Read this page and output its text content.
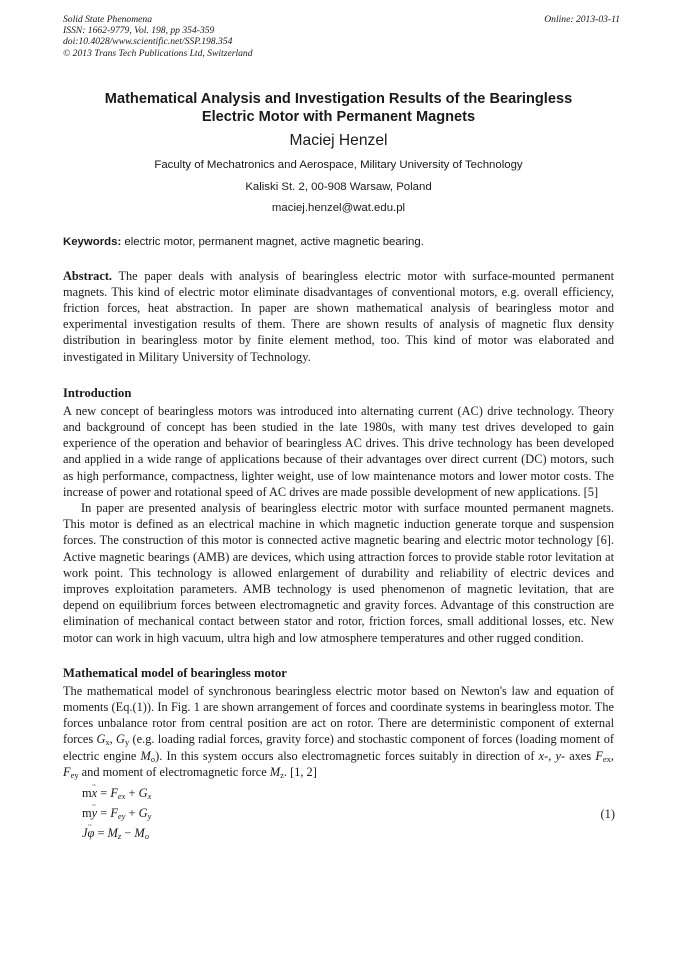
Solid State Phenomena
ISSN: 1662-9779, Vol. 198, pp 354-359
doi:10.4028/www.scientific.net/SSP.198.354
© 2013 Trans Tech Publications Ltd, Switzerland
Online: 2013-03-11
Mathematical Analysis and Investigation Results of the Bearingless
Electric Motor with Permanent Magnets
Maciej Henzel
Faculty of Mechatronics and Aerospace, Military University of Technology
Kaliski St. 2, 00-908 Warsaw, Poland
maciej.henzel@wat.edu.pl
Keywords: electric motor, permanent magnet, active magnetic bearing.

Abstract. The paper deals with analysis of bearingless electric motor with surface-mounted permanent magnets. This kind of electric motor eliminate disadvantages of conventional motors, e.g. overall efficiency, friction forces, heat abstraction. In paper are shown mathematical analysis of bearingless motor and experimental investigation results of them. There are shown results of analysis of magnetic flux density distribution in bearingless motor by finite element method, too. This kind of motor was elaborated and investigated in Military University of Technology.

Introduction

A new concept of bearingless motors was introduced into alternating current (AC) drive technology. Theory and background of concept has been studied in the late 1980s, with many test drives developed to gain experience of the operation and behavior of bearingless AC drives. This drive technology has been developed and applied in a wide range of applications because of their advantages over direct current (DC) motors, such as high performance, compactness, lighter weight, use of low maintenance motors and lower motor costs. The increase of power and rotational speed of AC drives are made possible development of new applications. [5]

In paper are presented analysis of bearingless electric motor with surface mounted permanent magnets. This motor is defined as an electrical machine in which magnetic induction generate torque and suspension forces. The construction of this motor is connected active magnetic bearing and electric motor technology [6]. Active magnetic bearings (AMB) are devices, which using attraction forces to provide stable rotor levitation at work point. This technology is allowed enlargement of durability and reliability of electric devices and improves exploitation parameters. AMB technology is used phenomenon of magnetic levitation, that are depend on equilibrium forces between electromagnetic and gravity forces. Advantage of this construction are elimination of mechanical contact between stator and rotor, friction forces, small additional losses, etc. New motor can work in high vacuum, ultra high and low atmosphere temperatures and other rugged condition.

Mathematical model of bearingless motor

The mathematical model of synchronous bearingless electric motor based on Newton's law and equation of moments (Eq.(1)). In Fig. 1 are shown arrangement of forces and coordinate systems in bearingless motor. The forces unbalance rotor from central position are act on rotor. There are deterministic component of external forces $G_x$, $G_y$ (e.g. loading radial forces, gravity force) and stochastic component of forces (loading moment of electric engine $M_o$). In this system occurs also electromagnetic forces suitably in direction of x-, y- axes $F_{ex}$, $F_{ey}$ and moment of electromagnetic force $M_z$. [1, 2]

m¨ $x = F_{ex} + G_x$
m¨ $y = F_{ey} + G_y$
J¨ $\varphi = M_z - M_o$
(1)
